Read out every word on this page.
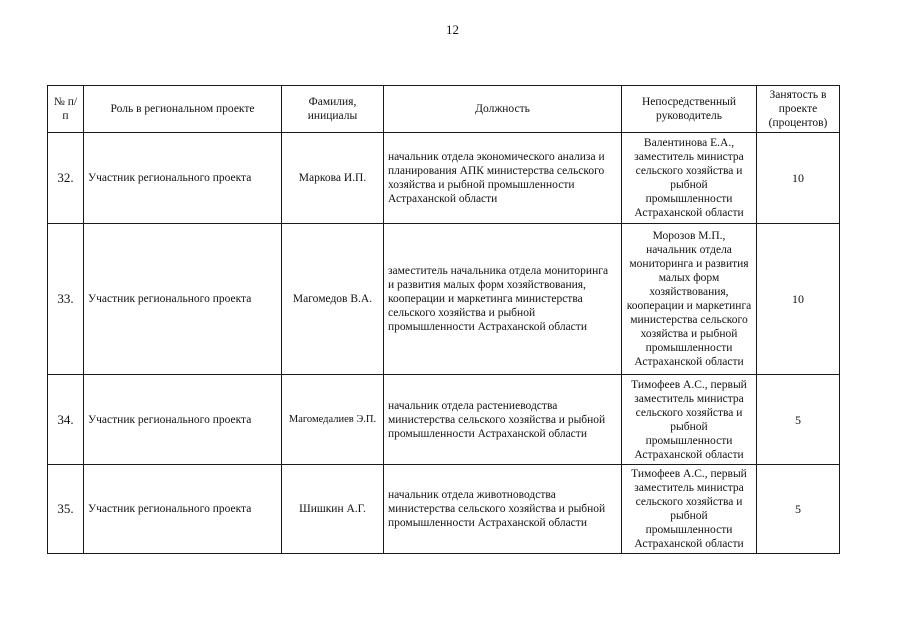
12
№ п/п	Роль в региональном проекте	Фамилия, инициалы	Должность	Непосредственный руководитель	Занятость в проекте (процентов)
32.	Участник регионального проекта	Маркова И.П.	начальник отдела экономического анализа и планирования АПК министерства сельского хозяйства и рыбной промышленности Астраханской области	Валентинова Е.А., заместитель министра сельского хозяйства и рыбной промышленности Астраханской области	10
33.	Участник регионального проекта	Магомедов В.А.	заместитель начальника отдела мониторинга и развития малых форм хозяйствования, кооперации и маркетинга министерства сельского хозяйства и рыбной промышленности Астраханской области	Морозов М.П., начальник отдела мониторинга и развития малых форм хозяйствования, кооперации и маркетинга министерства сельского хозяйства и рыбной промышленности Астраханской области	10
34.	Участник регионального проекта	Магомедалиев Э.П.	начальник отдела растениеводства министерства сельского хозяйства и рыбной промышленности Астраханской области	Тимофеев А.С., первый заместитель министра сельского хозяйства и рыбной промышленности Астраханской области	5
35.	Участник регионального проекта	Шишкин А.Г.	начальник отдела животноводства министерства сельского хозяйства и рыбной промышленности Астраханской области	Тимофеев А.С., первый заместитель министра сельского хозяйства и рыбной промышленности Астраханской области	5
